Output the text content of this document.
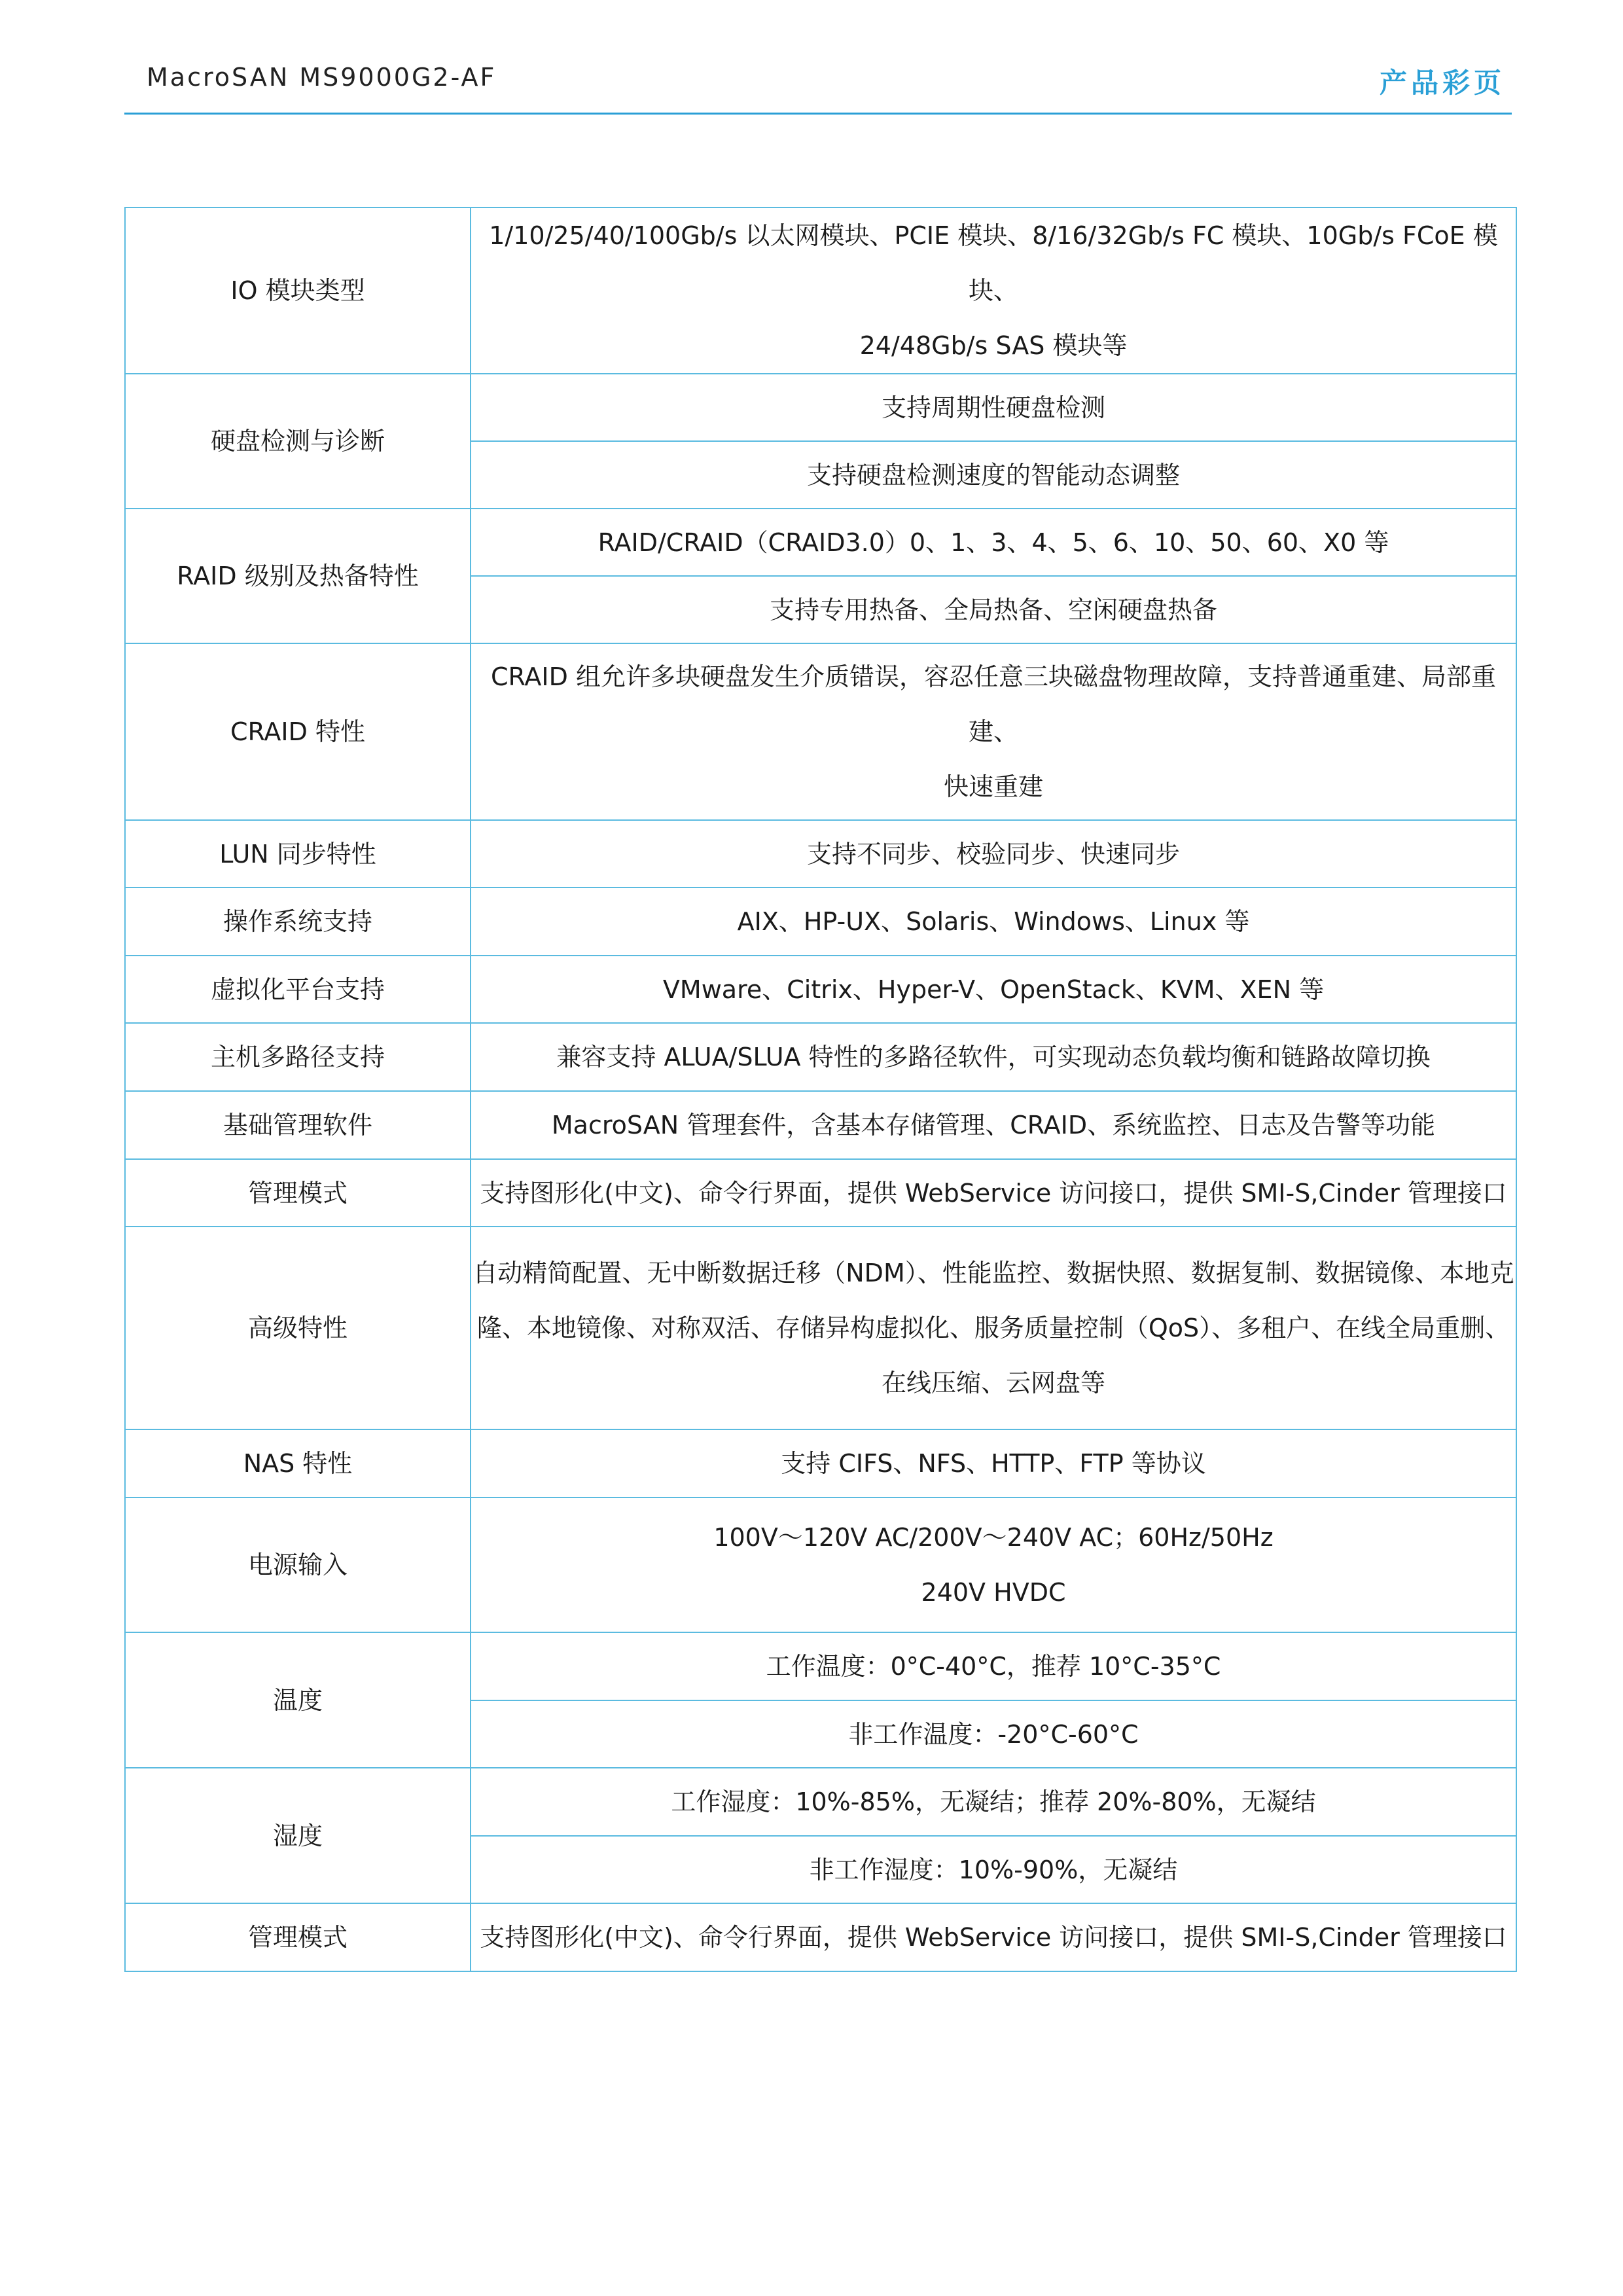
MacroSAN MS9000G2-AF	产品彩页
IO 模块类型	1/10/25/40/100Gb/s 以太网模块、PCIE 模块、8/16/32Gb/s FC 模块、10Gb/s FCoE 模块、
24/48Gb/s SAS 模块等

硬盘检测与诊断	支持周期性硬盘检测
	支持硬盘检测速度的智能动态调整
RAID 级别及热备特性	RAID/CRAID（CRAID3.0）0、1、3、4、5、6、10、50、60、X0 等
	支持专用热备、全局热备、空闲硬盘热备
CRAID 特性	CRAID 组允许多块硬盘发生介质错误，容忍任意三块磁盘物理故障，支持普通重建、局部重建、
快速重建

LUN 同步特性	支持不同步、校验同步、快速同步
操作系统支持	AIX、HP-UX、Solaris、Windows、Linux 等
虚拟化平台支持	VMware、Citrix、Hyper-V、OpenStack、KVM、XEN 等
主机多路径支持	兼容支持 ALUA/SLUA 特性的多路径软件，可实现动态负载均衡和链路故障切换
基础管理软件	MacroSAN 管理套件，含基本存储管理、CRAID、系统监控、日志及告警等功能
管理模式	支持图形化(中文)、命令行界面，提供 WebService 访问接口，提供 SMI-S,Cinder 管理接口
高级特性	自动精简配置、无中断数据迁移（NDM）、性能监控、数据快照、数据复制、数据镜像、本地克
隆、本地镜像、对称双活、存储异构虚拟化、服务质量控制（QoS）、多租户、在线全局重删、
在线压缩、云网盘等

NAS 特性	支持 CIFS、NFS、HTTP、FTP 等协议
电源输入	100V～120V AC/200V～240V AC；60Hz/50Hz
240V HVDC

温度	工作温度：0°C-40°C，推荐 10°C-35°C
	非工作温度：-20°C-60°C
湿度	工作湿度：10%-85%，无凝结；推荐 20%-80%，无凝结
	非工作湿度：10%-90%，无凝结
管理模式	支持图形化(中文)、命令行界面，提供 WebService 访问接口，提供 SMI-S,Cinder 管理接口
